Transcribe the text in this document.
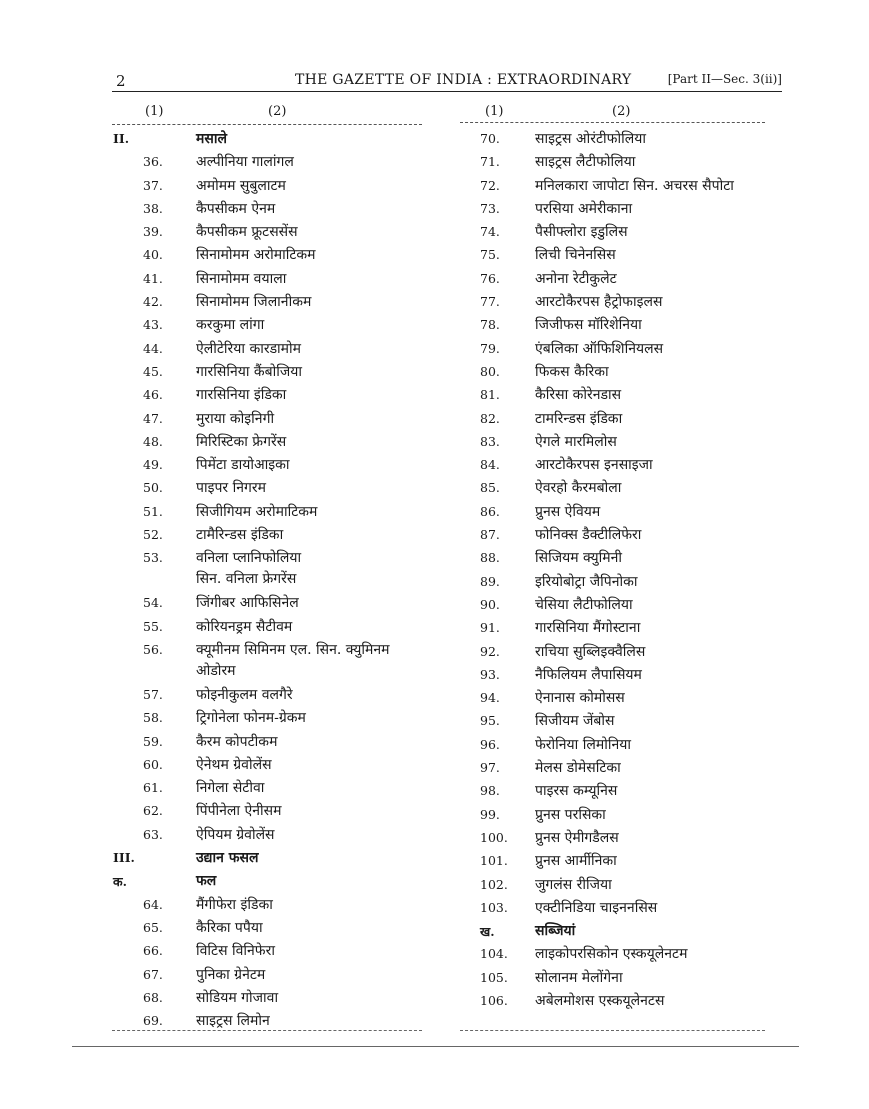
2	THE GAZETTE OF INDIA : EXTRAORDINARY	[Part II—Sec. 3(ii)]
(1)	(2)	(1)	(2)
II.	मसाले
36.	अल्पीनिया गालांगल
37.	अमोमम सुबुलाटम
38.	कैपसीकम ऐनम
39.	कैपसीकम फ्रूटससेंस
40.	सिनामोमम अरोमाटिकम
41.	सिनामोमम वयाला
42.	सिनामोमम जिलानीकम
43.	करकुमा लांगा
44.	ऐलीटेरिया कारडामोम
45.	गारसिनिया कैंबोजिया
46.	गारसिनिया इंडिका
47.	मुराया कोइनिगी
48.	मिरिस्टिका फ्रेगरेंस
49.	पिमेंटा डायोआइका
50.	पाइपर निगरम
51.	सिजीगियम अरोमाटिकम
52.	टामैरिन्डस इंडिका
53.	वनिला प्लानिफोलिया
सिन. वनिला फ्रेगरेंस
54.	जिंगीबर आफिसिनेल
55.	कोरियनड्रम सैटीवम
56.	क्यूमीनम सिमिनम एल. सिन. क्युमिनम
ओडोरम
57.	फोइनीकुलम वलगैरे
58.	ट्रिगोनेला फोनम-ग्रेकम
59.	कैरम कोपटीकम
60.	ऐनेथम ग्रेवोलेंस
61.	निगेला सेटीवा
62.	पिंपीनेला ऐनीसम
63.	ऐपियम ग्रेवोलेंस
III.	उद्यान फसल
क.	फल
64.	मैंगीफेरा इंडिका
65.	कैरिका पपैया
66.	विटिस विनिफेरा
67.	पुनिका ग्रेनेटम
68.	सोडियम गोजावा
69.	साइट्रस लिमोन
70.	साइट्रस ओरंटीफोलिया
71.	साइट्रस लैटीफोलिया
72.	मनिलकारा जापोटा सिन. अचरस सैपोटा
73.	परसिया अमेरीकाना
74.	पैसीफ्लोरा इडुलिस
75.	लिची चिनेनसिस
76.	अनोना रेटीकुलेट
77.	आरटोकैरपस हैट्रोफाइलस
78.	जिजीफस मॉरिशेनिया
79.	एंबलिका ऑफिशिनियलस
80.	फिकस कैरिका
81.	कैरिसा कोरेनडास
82.	टामरिन्डस इंडिका
83.	ऐगले मारमिलोस
84.	आरटोकैरपस इनसाइजा
85.	ऐवरहो कैरमबोला
86.	प्रुनस ऐवियम
87.	फोनिक्स डैक्टीलिफेरा
88.	सिजियम क्युमिनी
89.	इरियोबोट्रा जैपिनोका
90.	चेसिया लैटीफोलिया
91.	गारसिनिया मैंगोस्टाना
92.	राचिया सुब्लिइक्वैलिस
93.	नैफिलियम लैपासियम
94.	ऐनानास कोमोसस
95.	सिजीयम जेंबोस
96.	फेरोनिया लिमोनिया
97.	मेलस डोमेसटिका
98.	पाइरस कम्यूनिस
99.	प्रुनस परसिका
100.	प्रुनस ऐमीगडैलस
101.	प्रुनस आर्मीनिका
102.	जुगलंस रीजिया
103.	एक्टीनिडिया चाइननसिस
ख.	सब्जियां
104.	लाइकोपरसिकोन एस्कयूलेनटम
105.	सोलानम मेलोंगेना
106.	अबेलमोशस एस्कयूलेनटस
